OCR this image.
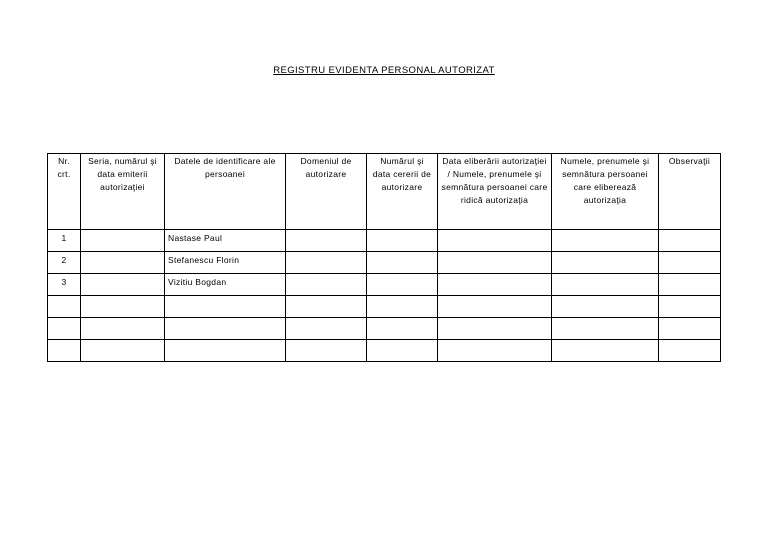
REGISTRU EVIDENTA PERSONAL AUTORIZAT
Nr. crt.	Seria, numărul şi data emiterii autorizaţiei	Datele de identificare ale persoanei	Domeniul de autorizare	Numărul şi data cererii de autorizare	Data eliberării autorizaţiei / Numele, prenumele şi semnătura persoanei care ridică autorizaţia	Numele, prenumele şi semnătura persoanei care eliberează autorizaţia	Observaţii
1		Nastase Paul					
2		Stefanescu Florin					
3		Vizitiu Bogdan					
